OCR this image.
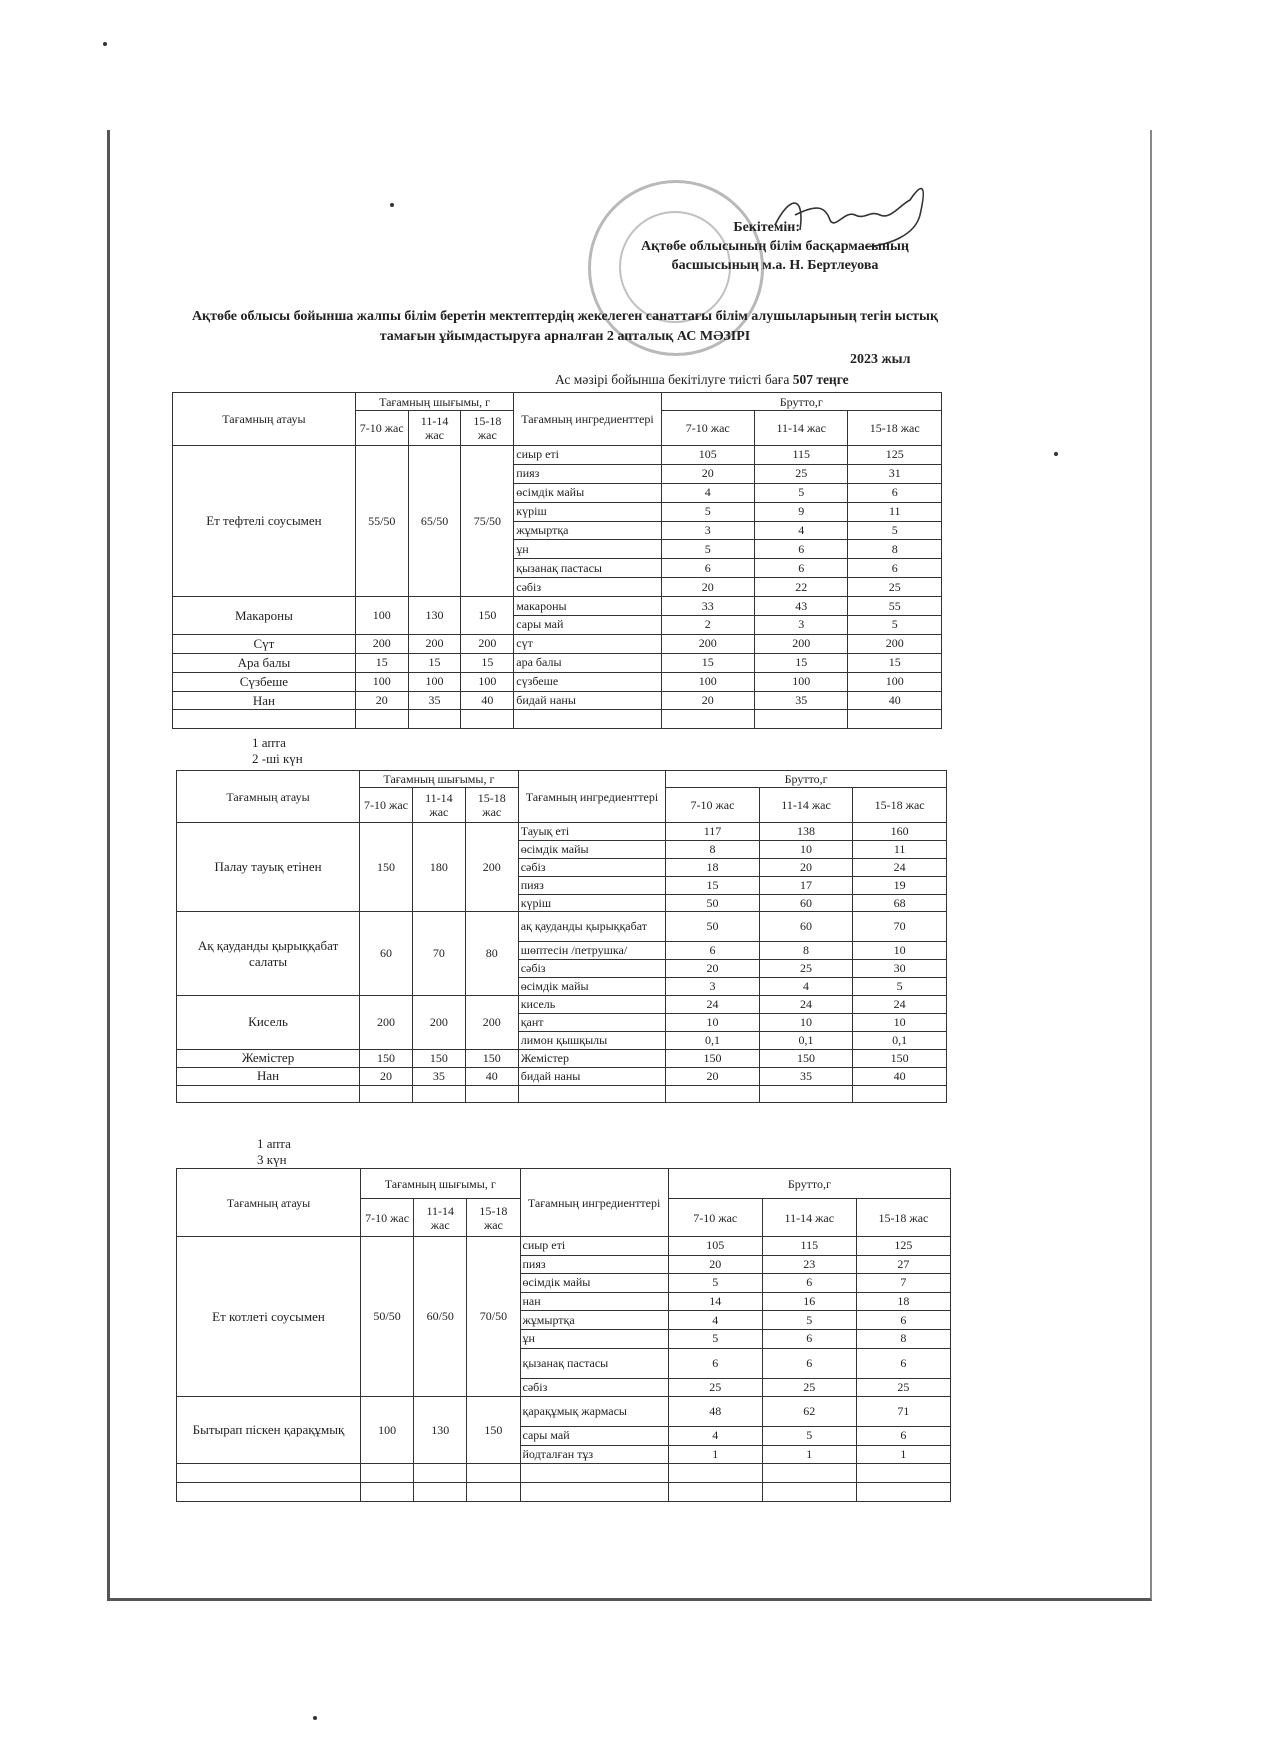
Бекітемін:
Ақтөбе облысының білім басқармасының
басшысының м.а. Н. Бертлеуова
Ақтөбе облысы бойынша жалпы білім беретін мектептердің жекелеген санаттағы білім алушыларының тегін ыстық тамағын ұйымдастыруға арналған 2 апталық АС МӘЗІРІ
2023 жыл
Ас мәзірі бойынша бекітілуге тиісті баға 507 теңге
Тағамның атауы	Тағамның шығымы, г			Тағамның ингредиенттері	Брутто,г		
	7-10 жас	11-14 жас	15-18 жас		7-10 жас	11-14 жас	15-18 жас
Ет тефтелі соусымен	55/50	65/50	75/50	сиыр еті	105	115	125
				пияз	20	25	31
				өсімдік майы	4	5	6
				күріш	5	9	11
				жұмыртқа	3	4	5
				ұн	5	6	8
				қызанақ пастасы	6	6	6
				сәбіз	20	22	25
Макароны	100	130	150	макароны	33	43	55
				сары май	2	3	5
Сүт	200	200	200	сүт	200	200	200
Ара балы	15	15	15	ара балы	15	15	15
Сүзбеше	100	100	100	сүзбеше	100	100	100
Нан	20	35	40	бидай наны	20	35	40

1 апта
2 -ші күн
Тағамның атауы	Тағамның шығымы, г			Тағамның ингредиенттері	Брутто,г		
	7-10 жас	11-14 жас	15-18 жас		7-10 жас	11-14 жас	15-18 жас
Палау тауық етінен	150	180	200	Тауық еті	117	138	160
				өсімдік майы	8	10	11
				сәбіз	18	20	24
				пияз	15	17	19
				күріш	50	60	68
Ақ қауданды қырыққабат салаты	60	70	80	ақ қауданды қырыққабат	50	60	70
				шөптесін /петрушка/	6	8	10
				сәбіз	20	25	30
				өсімдік майы	3	4	5
Кисель	200	200	200	кисель	24	24	24
				қант	10	10	10
				лимон қышқылы	0,1	0,1	0,1
Жемістер	150	150	150	Жемістер	150	150	150
Нан	20	35	40	бидай наны	20	35	40

1 апта
3 күн
Тағамның атауы	Тағамның шығымы, г			Тағамның ингредиенттері	Брутто,г		
	7-10 жас	11-14 жас	15-18 жас		7-10 жас	11-14 жас	15-18 жас
Ет котлеті соусымен	50/50	60/50	70/50	сиыр еті	105	115	125
				пияз	20	23	27
				өсімдік майы	5	6	7
				нан	14	16	18
				жұмыртқа	4	5	6
				ұн	5	6	8
				қызанақ пастасы	6	6	6
				сәбіз	25	25	25
Бытырап піскен қарақұмық	100	130	150	қарақұмық жармасы	48	62	71
				сары май	4	5	6
				йодталған тұз	1	1	1
